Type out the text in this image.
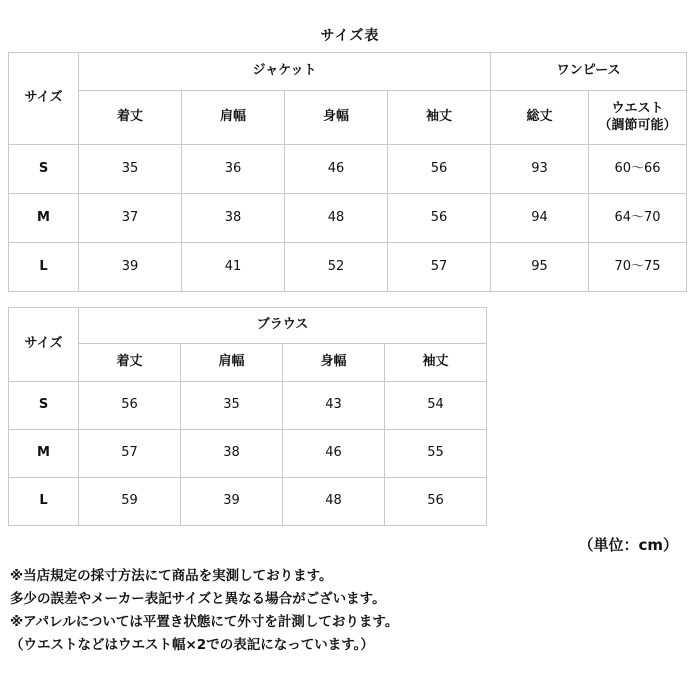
サイズ表
サイズ	ジャケット				ワンピース	
	着丈	肩幅	身幅	袖丈	総丈	ウエスト
（調節可能）

S	35	36	46	56	93	60～66
M	37	38	48	56	94	64～70
L	39	41	52	57	95	70～75
サイズ	ブラウス			
	着丈	肩幅	身幅	袖丈
S	56	35	43	54
M	57	38	46	55
L	59	39	48	56
（単位：cm）
※当店規定の採寸方法にて商品を実測しております。
多少の誤差やメーカー表記サイズと異なる場合がございます。
※アパレルについては平置き状態にて外寸を計測しております。
（ウエストなどはウエスト幅×2での表記になっています。）
